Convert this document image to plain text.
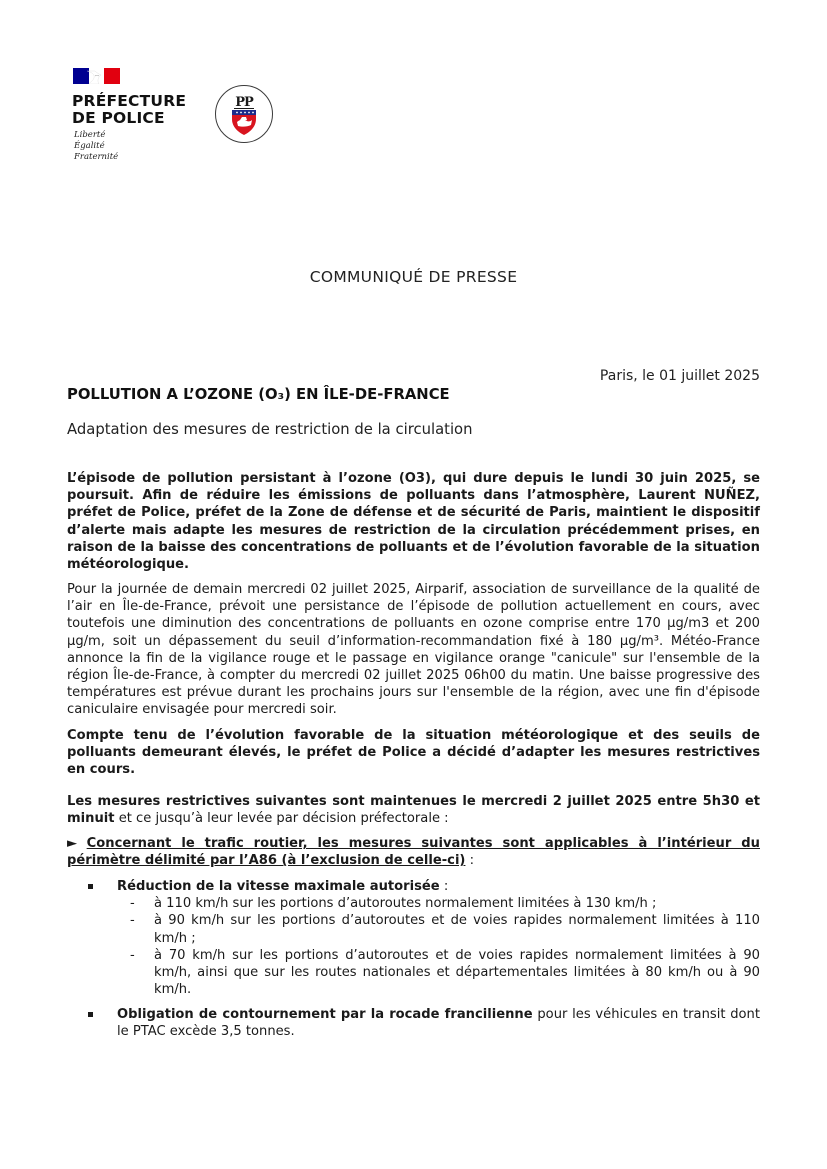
PRÉFECTURE
DE POLICE
Liberté
Égalité
Fraternité
PP
COMMUNIQUÉ DE PRESSE
Paris, le 01 juillet 2025
POLLUTION A L’OZONE (O₃) EN ÎLE-DE-FRANCE
Adaptation des mesures de restriction de la circulation
L’épisode de pollution persistant à l’ozone (O3), qui dure depuis le lundi 30 juin 2025, se poursuit. Afin de réduire les émissions de polluants dans l’atmosphère, Laurent NUÑEZ, préfet de Police, préfet de la Zone de défense et de sécurité de Paris, maintient le dispositif d’alerte mais adapte les mesures de restriction de la circulation précédemment prises, en raison de la baisse des concentrations de polluants et de l’évolution favorable de la situation météorologique.
Pour la journée de demain mercredi 02 juillet 2025, Airparif, association de surveillance de la qualité de l’air en Île-de-France, prévoit une persistance de l’épisode de pollution actuellement en cours, avec toutefois une diminution des concentrations de polluants en ozone comprise entre 170 µg/m3 et 200 µg/m, soit un dépassement du seuil d’information-recommandation fixé à 180 µg/m³. Météo-France annonce la fin de la vigilance rouge et le passage en vigilance orange "canicule" sur l'ensemble de la région Île-de-France, à compter du mercredi 02 juillet 2025 06h00 du matin. Une baisse progressive des températures est prévue durant les prochains jours sur l'ensemble de la région, avec une fin d'épisode caniculaire envisagée pour mercredi soir.
Compte tenu de l’évolution favorable de la situation météorologique et des seuils de polluants demeurant élevés, le préfet de Police a décidé d’adapter les mesures restrictives en cours.
Les mesures restrictives suivantes sont maintenues le mercredi 2 juillet 2025 entre 5h30 et minuit et ce jusqu’à leur levée par décision préfectorale :
► Concernant le trafic routier, les mesures suivantes sont applicables à l’intérieur du périmètre délimité par l’A86 (à l’exclusion de celle-ci) :
Réduction de la vitesse maximale autorisée :
- à 110 km/h sur les portions d’autoroutes normalement limitées à 130 km/h ;
- à 90 km/h sur les portions d’autoroutes et de voies rapides normalement limitées à 110 km/h ;
- à 70 km/h sur les portions d’autoroutes et de voies rapides normalement limitées à 90 km/h, ainsi que sur les routes nationales et départementales limitées à 80 km/h ou à 90 km/h.
Obligation de contournement par la rocade francilienne pour les véhicules en transit dont le PTAC excède 3,5 tonnes.
